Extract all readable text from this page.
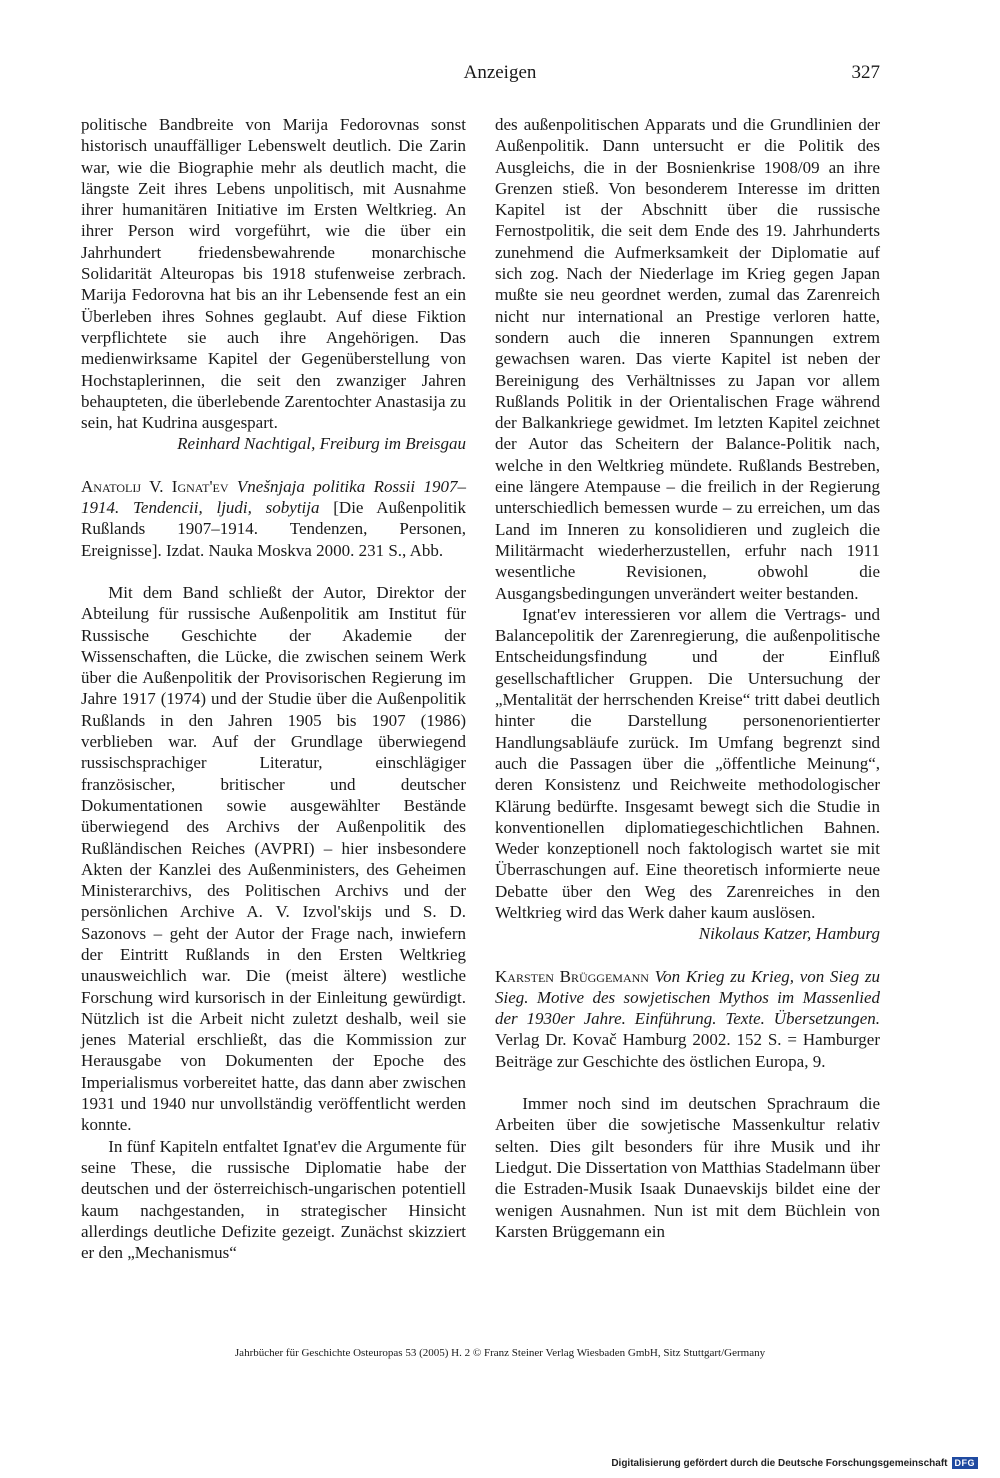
Anzeigen	327

politische Bandbreite von Marija Fedorovnas sonst historisch unauffälliger Lebenswelt deutlich. Die Zarin war, wie die Biographie mehr als deutlich macht, die längste Zeit ihres Lebens unpolitisch, mit Ausnahme ihrer humanitären Initiative im Ersten Weltkrieg. An ihrer Person wird vorgeführt, wie die über ein Jahrhundert friedensbewahrende monarchische Solidarität Alteuropas bis 1918 stufenweise zerbrach. Marija Fedorovna hat bis an ihr Lebensende fest an ein Überleben ihres Sohnes geglaubt. Auf diese Fiktion verpflichtete sie auch ihre Angehörigen. Das medienwirksame Kapitel der Gegenüberstellung von Hochstaplerinnen, die seit den zwanziger Jahren behaupteten, die überlebende Zarentochter Anastasija zu sein, hat Kudrina ausgespart.

Reinhard Nachtigal, Freiburg im Breisgau

Anatolij V. Ignat'ev Vnešnjaja politika Rossii 1907–1914. Tendencii, ljudi, sobytija [Die Außenpolitik Rußlands 1907–1914. Tendenzen, Personen, Ereignisse]. Izdat. Nauka Moskva 2000. 231 S., Abb.

Mit dem Band schließt der Autor, Direktor der Abteilung für russische Außenpolitik am Institut für Russische Geschichte der Akademie der Wissenschaften, die Lücke, die zwischen seinem Werk über die Außenpolitik der Provisorischen Regierung im Jahre 1917 (1974) und der Studie über die Außenpolitik Rußlands in den Jahren 1905 bis 1907 (1986) verblieben war. Auf der Grundlage überwiegend russischsprachiger Literatur, einschlägiger französischer, britischer und deutscher Dokumentationen sowie ausgewählter Bestände überwiegend des Archivs der Außenpolitik des Rußländischen Reiches (AVPRI) – hier insbesondere Akten der Kanzlei des Außenministers, des Geheimen Ministerarchivs, des Politischen Archivs und der persönlichen Archive A. V. Izvol'skijs und S. D. Sazonovs – geht der Autor der Frage nach, inwiefern der Eintritt Rußlands in den Ersten Weltkrieg unausweichlich war. Die (meist ältere) westliche Forschung wird kursorisch in der Einleitung gewürdigt. Nützlich ist die Arbeit nicht zuletzt deshalb, weil sie jenes Material erschließt, das die Kommission zur Herausgabe von Dokumenten der Epoche des Imperialismus vorbereitet hatte, das dann aber zwischen 1931 und 1940 nur unvollständig veröffentlicht werden konnte.

In fünf Kapiteln entfaltet Ignat'ev die Argumente für seine These, die russische Diplomatie habe der deutschen und der österreichisch-ungarischen potentiell kaum nachgestanden, in strategischer Hinsicht allerdings deutliche Defizite gezeigt. Zunächst skizziert er den „Mechanismus“

des außenpolitischen Apparats und die Grundlinien der Außenpolitik. Dann untersucht er die Politik des Ausgleichs, die in der Bosnienkrise 1908/09 an ihre Grenzen stieß. Von besonderem Interesse im dritten Kapitel ist der Abschnitt über die russische Fernostpolitik, die seit dem Ende des 19. Jahrhunderts zunehmend die Aufmerksamkeit der Diplomatie auf sich zog. Nach der Niederlage im Krieg gegen Japan mußte sie neu geordnet werden, zumal das Zarenreich nicht nur international an Prestige verloren hatte, sondern auch die inneren Spannungen extrem gewachsen waren. Das vierte Kapitel ist neben der Bereinigung des Verhältnisses zu Japan vor allem Rußlands Politik in der Orientalischen Frage während der Balkankriege gewidmet. Im letzten Kapitel zeichnet der Autor das Scheitern der Balance-Politik nach, welche in den Weltkrieg mündete. Rußlands Bestreben, eine längere Atempause – die freilich in der Regierung unterschiedlich bemessen wurde – zu erreichen, um das Land im Inneren zu konsolidieren und zugleich die Militärmacht wiederherzustellen, erfuhr nach 1911 wesentliche Revisionen, obwohl die Ausgangsbedingungen unverändert weiter bestanden.

Ignat'ev interessieren vor allem die Vertrags- und Balancepolitik der Zarenregierung, die außenpolitische Entscheidungsfindung und der Einfluß gesellschaftlicher Gruppen. Die Untersuchung der „Mentalität der herrschenden Kreise“ tritt dabei deutlich hinter die Darstellung personenorientierter Handlungsabläufe zurück. Im Umfang begrenzt sind auch die Passagen über die „öffentliche Meinung“, deren Konsistenz und Reichweite methodologischer Klärung bedürfte. Insgesamt bewegt sich die Studie in konventionellen diplomatiegeschichtlichen Bahnen. Weder konzeptionell noch faktologisch wartet sie mit Überraschungen auf. Eine theoretisch informierte neue Debatte über den Weg des Zarenreiches in den Weltkrieg wird das Werk daher kaum auslösen.

Nikolaus Katzer, Hamburg

Karsten Brüggemann Von Krieg zu Krieg, von Sieg zu Sieg. Motive des sowjetischen Mythos im Massenlied der 1930er Jahre. Einführung. Texte. Übersetzungen. Verlag Dr. Kovač Hamburg 2002. 152 S. = Hamburger Beiträge zur Geschichte des östlichen Europa, 9.

Immer noch sind im deutschen Sprachraum die Arbeiten über die sowjetische Massenkultur relativ selten. Dies gilt besonders für ihre Musik und ihr Liedgut. Die Dissertation von Matthias Stadelmann über die Estraden-Musik Isaak Dunaevskijs bildet eine der wenigen Ausnahmen. Nun ist mit dem Büchlein von Karsten Brüggemann ein

Jahrbücher für Geschichte Osteuropas 53 (2005) H. 2 © Franz Steiner Verlag Wiesbaden GmbH, Sitz Stuttgart/Germany
Digitalisierung gefördert durch die Deutsche Forschungsgemeinschaft DFG
